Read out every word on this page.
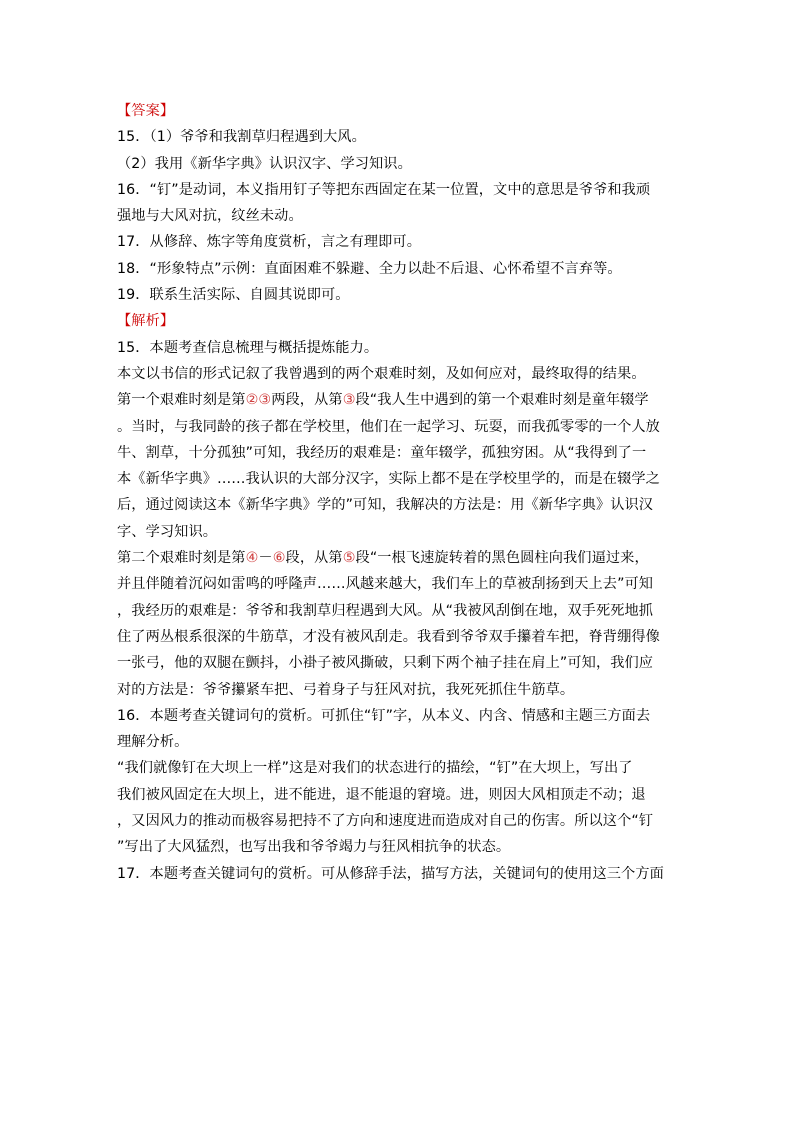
【答案】
15．（1）爷爷和我割草归程遇到大风。
（2）我用《新华字典》认识汉字、学习知识。
16．“钉”是动词，本义指用钉子等把东西固定在某一位置，文中的意思是爷爷和我顽
强地与大风对抗，纹丝未动。
17．从修辞、炼字等角度赏析，言之有理即可。
18．“形象特点”示例：直面困难不躲避、全力以赴不后退、心怀希望不言弃等。
19．联系生活实际、自圆其说即可。
【解析】
15．本题考查信息梳理与概括提炼能力。
本文以书信的形式记叙了我曾遇到的两个艰难时刻，及如何应对，最终取得的结果。
第一个艰难时刻是第②③两段，从第③段“我人生中遇到的第一个艰难时刻是童年辍学
。当时，与我同龄的孩子都在学校里，他们在一起学习、玩耍，而我孤零零的一个人放
牛、割草，十分孤独”可知，我经历的艰难是：童年辍学，孤独穷困。从“我得到了一
本《新华字典》……我认识的大部分汉字，实际上都不是在学校里学的，而是在辍学之
后，通过阅读这本《新华字典》学的”可知，我解决的方法是：用《新华字典》认识汉
字、学习知识。
第二个艰难时刻是第④－⑥段，从第⑤段“一根飞速旋转着的黑色圆柱向我们逼过来，
并且伴随着沉闷如雷鸣的呼隆声……风越来越大，我们车上的草被刮扬到天上去”可知
，我经历的艰难是：爷爷和我割草归程遇到大风。从“我被风刮倒在地，双手死死地抓
住了两丛根系很深的牛筋草，才没有被风刮走。我看到爷爷双手攥着车把，脊背绷得像
一张弓，他的双腿在颤抖，小褂子被风撕破，只剩下两个袖子挂在肩上”可知，我们应
对的方法是：爷爷攥紧车把、弓着身子与狂风对抗，我死死抓住牛筋草。
16．本题考查关键词句的赏析。可抓住“钉”字，从本义、内含、情感和主题三方面去
理解分析。
“我们就像钉在大坝上一样”这是对我们的状态进行的描绘，“钉”在大坝上，写出了
我们被风固定在大坝上，进不能进，退不能退的窘境。进，则因大风相顶走不动；退
，又因风力的推动而极容易把持不了方向和速度进而造成对自己的伤害。所以这个“钉
”写出了大风猛烈，也写出我和爷爷竭力与狂风相抗争的状态。
17．本题考查关键词句的赏析。可从修辞手法，描写方法，关键词句的使用这三个方面
